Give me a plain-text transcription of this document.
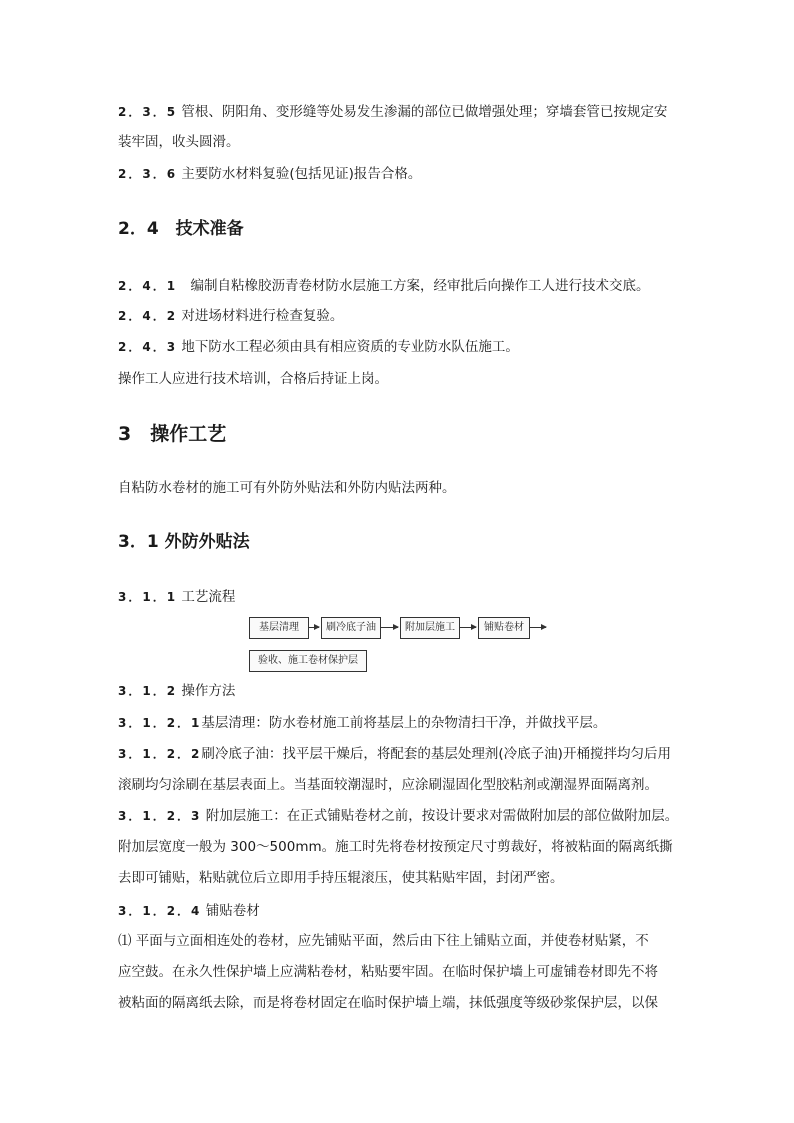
2．3．5 管根、阴阳角、变形缝等处易发生渗漏的部位已做增强处理；穿墙套管已按规定安
装牢固，收头圆滑。
2．3．6 主要防水材料复验(包括见证)报告合格。
2．4　技术准备
2．4．1　编制自粘橡胶沥青卷材防水层施工方案，经审批后向操作工人进行技术交底。
2．4．2 对进场材料进行检查复验。
2．4．3 地下防水工程必须由具有相应资质的专业防水队伍施工。
操作工人应进行技术培训，合格后持证上岗。
3　操作工艺
自粘防水卷材的施工可有外防外贴法和外防内贴法两种。
3．1 外防外贴法
3．1．1 工艺流程
基层清理	刷冷底子油	附加层施工	铺贴卷材
验收、施工卷材保护层
3．1．2 操作方法
3．1．2．1基层清理：防水卷材施工前将基层上的杂物清扫干净，并做找平层。
3．1．2．2刷冷底子油：找平层干燥后，将配套的基层处理剂(冷底子油)开桶搅拌均匀后用
滚刷均匀涂刷在基层表面上。当基面较潮湿时，应涂刷湿固化型胶粘剂或潮湿界面隔离剂。
3．1．2．3 附加层施工：在正式铺贴卷材之前，按设计要求对需做附加层的部位做附加层。
附加层宽度一般为 300～500mm。施工时先将卷材按预定尺寸剪裁好，将被粘面的隔离纸撕
去即可铺贴，粘贴就位后立即用手持压辊滚压，使其粘贴牢固，封闭严密。
3．1．2．4 铺贴卷材
⑴ 平面与立面相连处的卷材，应先铺贴平面，然后由下往上铺贴立面，并使卷材贴紧，不
应空鼓。在永久性保护墙上应满粘卷材，粘贴要牢固。在临时保护墙上可虚铺卷材即先不将
被粘面的隔离纸去除，而是将卷材固定在临时保护墙上端，抹低强度等级砂浆保护层，以保
